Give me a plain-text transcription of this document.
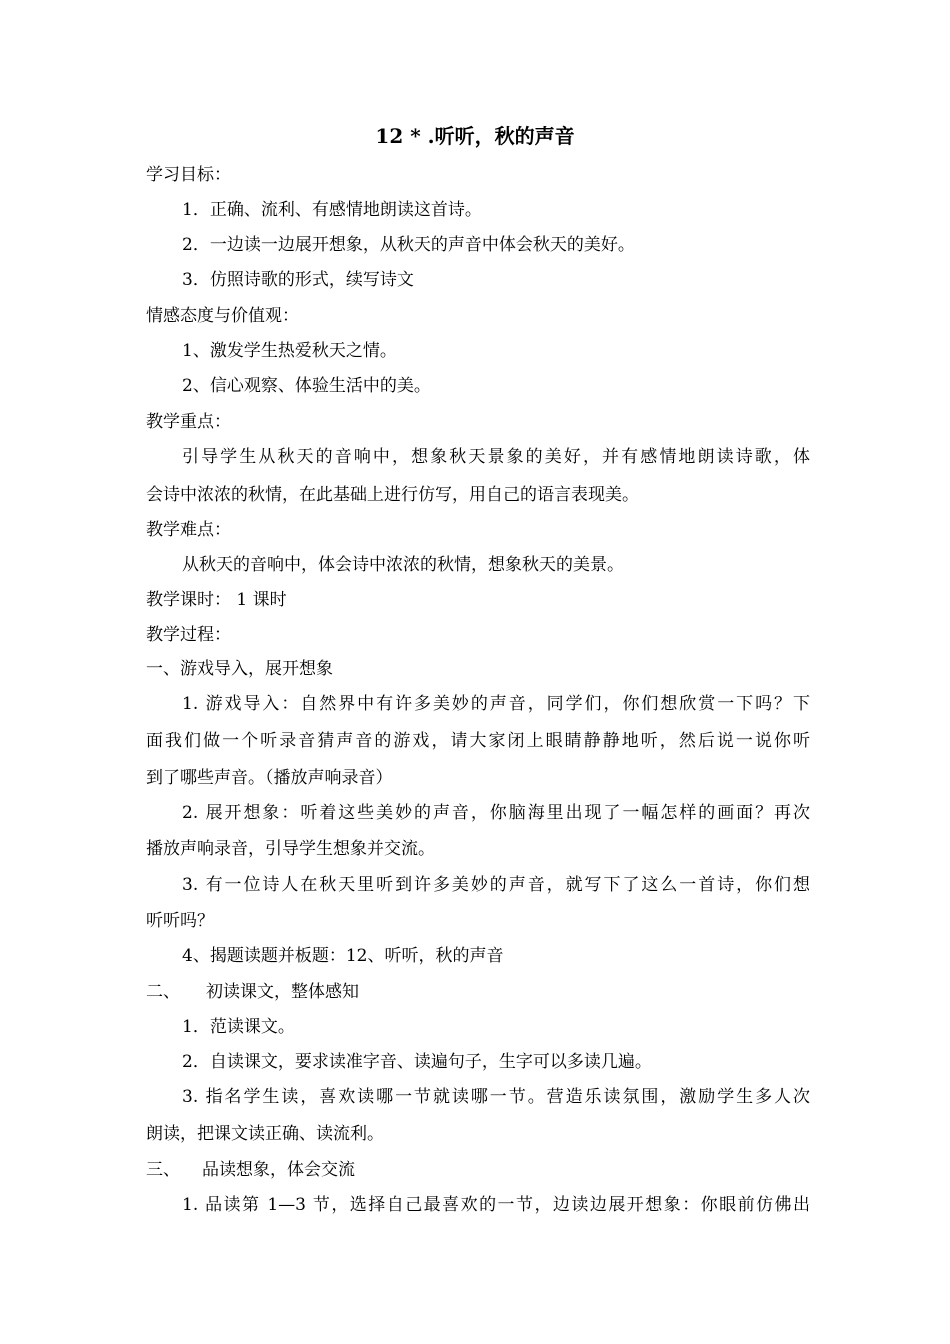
12 * .听听，秋的声音
学习目标：
1．正确、流利、有感情地朗读这首诗。
2．一边读一边展开想象，从秋天的声音中体会秋天的美好。
3．仿照诗歌的形式，续写诗文
情感态度与价值观：
1、激发学生热爱秋天之情。
2、信心观察、体验生活中的美。
教学重点：
引导学生从秋天的音响中，想象秋天景象的美好，并有感情地朗读诗歌，体
会诗中浓浓的秋情，在此基础上进行仿写，用自己的语言表现美。
教学难点：
从秋天的音响中，体会诗中浓浓的秋情，想象秋天的美景。
教学课时： 1 课时
教学过程：
一、游戏导入，展开想象
1. 游戏导入：自然界中有许多美妙的声音，同学们，你们想欣赏一下吗？下
面我们做一个听录音猜声音的游戏，请大家闭上眼睛静静地听，然后说一说你听
到了哪些声音。（播放声响录音）
2. 展开想象：听着这些美妙的声音，你脑海里出现了一幅怎样的画面？再次
播放声响录音，引导学生想象并交流。
3. 有一位诗人在秋天里听到许多美妙的声音，就写下了这么一首诗，你们想
听听吗？
4、揭题读题并板题：12、听听，秋的声音
二、	初读课文，整体感知
1．范读课文。
2．自读课文，要求读准字音、读遍句子，生字可以多读几遍。
3. 指名学生读，喜欢读哪一节就读哪一节。营造乐读氛围，激励学生多人次
朗读，把课文读正确、读流利。
三、	品读想象，体会交流
1. 品读第 1—3 节，选择自己最喜欢的一节，边读边展开想象：你眼前仿佛出
